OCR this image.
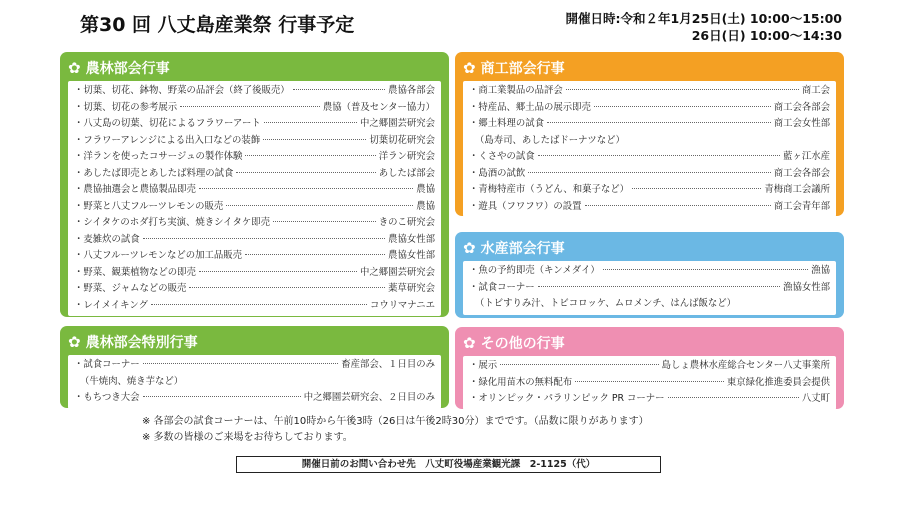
第30 回 八丈島産業祭 行事予定	開催日時:令和２年1月25日(土) 10:00〜15:00
26日(日) 10:00〜14:30
✿ 農林部会行事
・切葉、切花、鉢物、野菜の品評会（終了後販売）	農協各部会
・切葉、切花の参考展示	農協（普及センター協力）
・八丈島の切葉、切花によるフラワーアート	中之郷園芸研究会
・フラワーアレンジによる出入口などの装飾	切葉切花研究会
・洋ランを使ったコサージュの製作体験	洋ラン研究会
・あしたば即売とあしたば料理の試食	あしたば部会
・農協抽選会と農協製品即売	農協
・野菜と八丈フルーツレモンの販売	農協
・シイタケのホダ打ち実演、焼きシイタケ即売	きのこ研究会
・麦雑炊の試食	農協女性部
・八丈フルーツレモンなどの加工品販売	農協女性部
・野菜、観葉植物などの即売	中之郷園芸研究会
・野菜、ジャムなどの販売	薬草研究会
・レイメイキング	コウリマナニエ
✿ 農林部会特別行事
・試食コーナー	畜産部会、１日目のみ
（牛焼肉、焼き芋など）
・もちつき大会	中之郷園芸研究会、２日目のみ
✿ 商工部会行事
・商工業製品の品評会	商工会
・特産品、郷土品の展示即売	商工会各部会
・郷土料理の試食	商工会女性部
（島寿司、あしたばドーナツなど）
・くさやの試食	藍ヶ江水産
・島酒の試飲	商工会各部会
・青梅特産市（うどん、和菓子など）	青梅商工会議所
・遊具（フワフワ）の設置	商工会青年部
✿ 水産部会行事
・魚の予約即売（キンメダイ）	漁協
・試食コーナー	漁協女性部
（トビすりみ汁、トビコロッケ、ムロメンチ、はんば飯など）
✿ その他の行事
・展示	島しょ農林水産総合センター八丈事業所
・緑化用苗木の無料配布	東京緑化推進委員会提供
・オリンピック・パラリンピック PR コーナー	八丈町
※ 各部会の試食コーナーは、午前10時から午後3時（26日は午後2時30分）までです。（品数に限りがあります）
※ 多数の皆様のご来場をお待ちしております。
開催日前のお問い合わせ先　八丈町役場産業観光課　2-1125（代）
